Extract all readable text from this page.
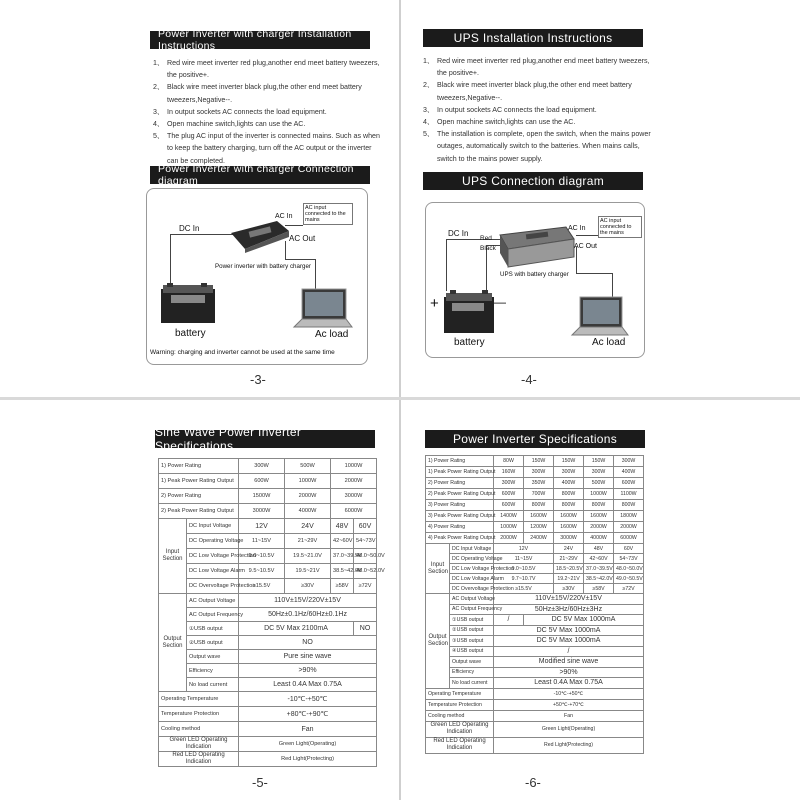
Power Inverter with charger Installation Instructions
1、 Red wire meet inverter red plug,another end meet battery tweezers, the positive+.
2、 Black wire meet inverter black plug,the other end meet battery tweezers,Negative--.
3、 In output sockets AC connects the load equipment.
4、 Open machine switch,lights can use the AC.
5、 The plug AC input of the inverter is connected mains. Such as when to keep the battery charging, turn off the AC output or the inverter can be completed.
Power Inverter with charger Connection diagram
DC In
AC In
AC input connected to the mains
AC Out
Power inverter with battery charger
battery	Ac load
Warning: charging and inverter cannot be used at the same time
-3-
UPS Installation Instructions
1、 Red wire meet inverter red plug,another end meet battery tweezers, the positive+.
2、 Black wire meet inverter black plug,the other end meet battery tweezers,Negative--.
3、 In output sockets AC connects the load equipment.
4、 Open machine switch,lights can use the AC.
5、 The installation is complete, open the switch, when the mains power outages, automatically switch to the batteries. When mains calls, switch to the mains power supply.
UPS Connection diagram
DC In
Red
Black
AC In
AC input connected to the mains
AC Out
UPS with battery charger
+	—
battery	Ac load
-4-
Sine Wave Power Inverter Specifications
1) Power Rating		300W	500W	1000W	
1) Peak Power Rating Output		600W	1000W	2000W	
2) Power Rating		1500W	2000W	3000W	
2) Peak Power Rating Output		3000W	4000W	6000W	
Input Section	DC Input Voltage	12V	24V	48V	60V
	DC Operating Voltage	11~15V	21~29V	42~60V	54~73V
	DC Low Voltage Protection	9.0~10.5V	19.5~21.0V	37.0~39.5V	48.0~50.0V
	DC Low Voltage Alarm	9.5~10.5V	19.5~21V	38.5~42.0V	48.0~52.0V
	DC Overvoltage Protection	≥15.5V	≥30V	≥58V	≥72V
Output Section	AC Output Voltage	110V±15V/220V±15V			
	AC Output Frequency	50Hz±0.1Hz/60Hz±0.1Hz			
	①USB output	DC 5V Max 2100mA			NO
	②USB output	NO			
	Output wave	Pure sine wave			
	Efficiency	>90%			
	No load current	Least 0.4A Max 0.75A			
Operating Temperature		-10℃-+50℃			
Temperature Protection		+80℃-+90℃			
Cooling method		Fan			
Green LED Operating Indication		Green Light(Operating)			
Red LED Operating Indication		Red Light(Protecting)			
-5-
Power Inverter Specifications
1) Power Rating		80W	150W	150W	150W	300W
1) Peak Power Rating Output		160W	300W	300W	300W	400W
2) Power Rating		300W	350W	400W	500W	600W
2) Peak Power Rating Output		600W	700W	800W	1000W	1100W
3) Power Rating		600W	800W	800W	800W	800W
3) Peak Power Rating Output		1400W	1600W	1600W	1600W	1800W
4) Power Rating		1000W	1200W	1600W	2000W	2000W
4) Peak Power Rating Output		2000W	2400W	3000W	4000W	6000W
Input Section	DC Input Voltage	12V		24V	48V	60V
	DC Operating Voltage	11~15V		21~29V	42~60V	54~73V
	DC Low Voltage Protection	9.0~10.5V		18.5~20.5V	37.0~39.5V	48.0~50.0V
	DC Low Voltage Alarm	9.7~10.7V		19.2~21V	38.5~42.0V	49.0~50.5V
	DC Overvoltage Protection	≥15.5V		≥30V	≥58V	≥72V
Output Section	AC Output Voltage	110V±15V/220V±15V				
	AC Output Frequency	50Hz±3Hz/60Hz±3Hz				
	①USB output	/	DC 5V Max 1000mA			
	②USB output	DC 5V Max 1000mA				
	③USB output	DC 5V Max 1000mA				
	④USB output	/				
	Output wave	Modified sine wave				
	Efficiency	>90%				
	No load current	Least 0.4A Max 0.75A				
Operating Temperature		-10℃-+50℃				
Temperature Protection		+50℃-+70℃				
Cooling method		Fan				
Green LED Operating Indication		Green Light(Operating)				
Red LED Operating Indication		Red Light(Protecting)				
-6-
